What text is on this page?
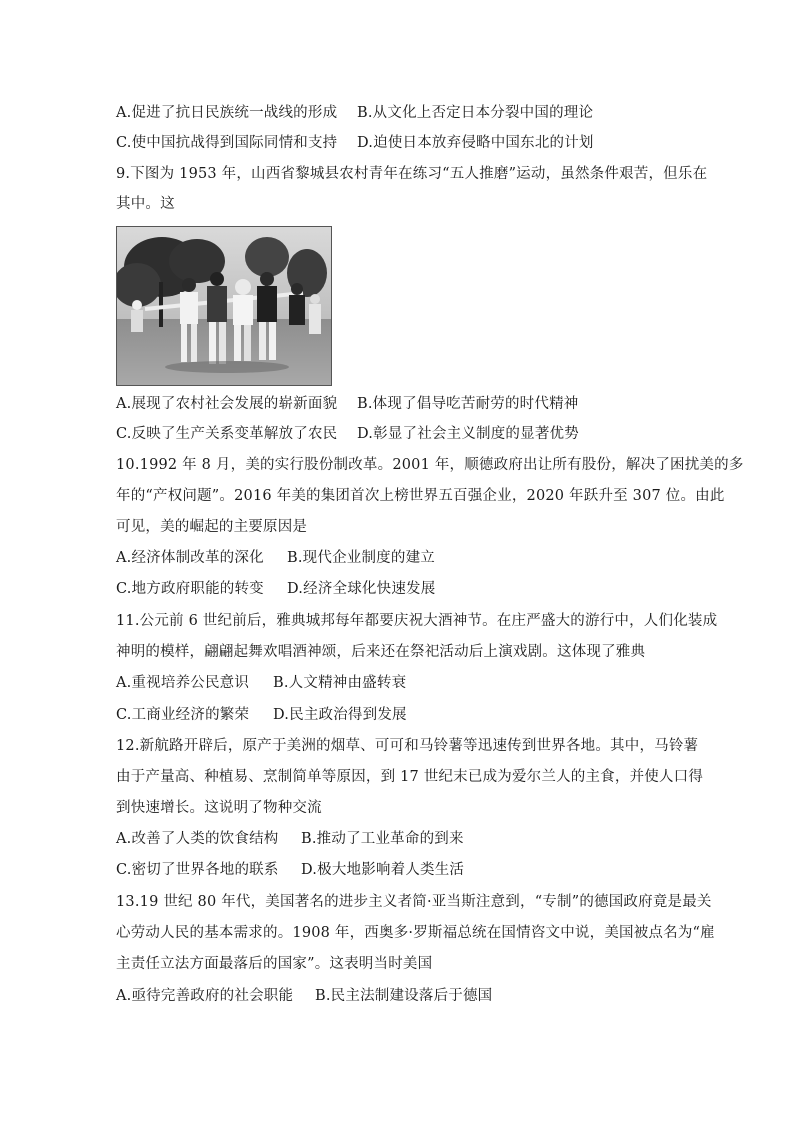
A.促进了抗日民族统一战线的形成 B.从文化上否定日本分裂中国的理论
C.使中国抗战得到国际同情和支持 D.迫使日本放弃侵略中国东北的计划
9.下图为 1953 年，山西省黎城县农村青年在练习“五人推磨”运动，虽然条件艰苦，但乐在
其中。这
A.展现了农村社会发展的崭新面貌 B.体现了倡导吃苦耐劳的时代精神
C.反映了生产关系变革解放了农民 D.彰显了社会主义制度的显著优势
10.1992 年 8 月，美的实行股份制改革。2001 年，顺德政府出让所有股份，解决了困扰美的多
年的“产权问题”。2016 年美的集团首次上榜世界五百强企业，2020 年跃升至 307 位。由此
可见，美的崛起的主要原因是
A.经济体制改革的深化 B.现代企业制度的建立
C.地方政府职能的转变 D.经济全球化快速发展
11.公元前 6 世纪前后，雅典城邦每年都要庆祝大酒神节。在庄严盛大的游行中，人们化装成
神明的模样，翩翩起舞欢唱酒神颂，后来还在祭祀活动后上演戏剧。这体现了雅典
A.重视培养公民意识 B.人文精神由盛转衰
C.工商业经济的繁荣 D.民主政治得到发展
12.新航路开辟后，原产于美洲的烟草、可可和马铃薯等迅速传到世界各地。其中，马铃薯
由于产量高、种植易、烹制简单等原因，到 17 世纪末已成为爱尔兰人的主食，并使人口得
到快速增长。这说明了物种交流
A.改善了人类的饮食结构 B.推动了工业革命的到来
C.密切了世界各地的联系 D.极大地影响着人类生活
13.19 世纪 80 年代，美国著名的进步主义者简·亚当斯注意到，“专制”的德国政府竟是最关
心劳动人民的基本需求的。1908 年，西奥多·罗斯福总统在国情咨文中说，美国被点名为“雇
主责任立法方面最落后的国家”。这表明当时美国
A.亟待完善政府的社会职能 B.民主法制建设落后于德国
